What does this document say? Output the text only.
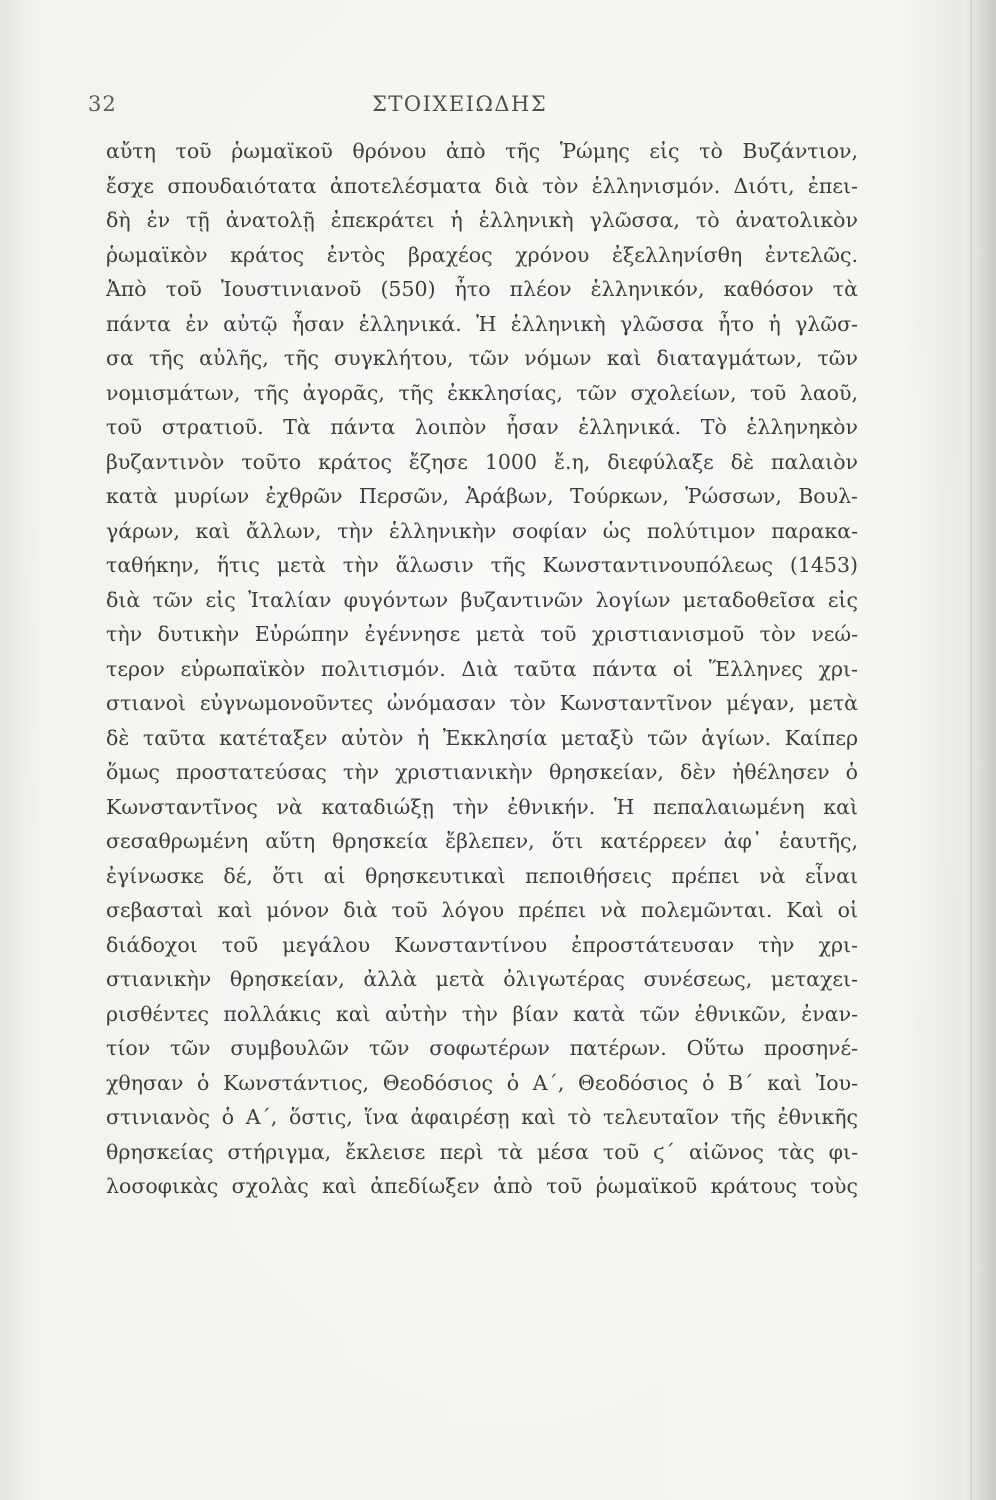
32	ΣΤΟΙΧΕΙΩΔΗΣ
αὔτη τοῦ ῥωμαϊκοῦ θρόνου ἀπὸ τῆς Ῥώμης εἰς τὸ Βυζάντιον,
ἔσχε σπουδαιότατα ἀποτελέσματα διὰ τὸν ἑλληνισμόν. Διότι, ἐπει-
δὴ ἐν τῇ ἀνατολῇ ἐπεκράτει ἡ ἑλληνικὴ γλῶσσα, τὸ ἀνατολικὸν
ῥωμαϊκὸν κράτος ἐντὸς βραχέος χρόνου ἐξελληνίσθη ἐντελῶς.
Ἀπὸ τοῦ Ἰουστινιανοῦ (550) ἦτο πλέον ἑλληνικόν, καθόσον τὰ
πάντα ἐν αὐτῷ ἦσαν ἑλληνικά. Ἡ ἑλληνικὴ γλῶσσα ἦτο ἡ γλῶσ-
σα τῆς αὐλῆς, τῆς συγκλήτου, τῶν νόμων καὶ διαταγμάτων, τῶν
νομισμάτων, τῆς ἀγορᾶς, τῆς ἐκκλησίας, τῶν σχολείων, τοῦ λαοῦ,
τοῦ στρατιοῦ. Τὰ πάντα λοιπὸν ἦσαν ἑλληνικά. Τὸ ἑλληνηκὸν
βυζαντινὸν τοῦτο κράτος ἔζησε 1000 ἔ.η, διεφύλαξε δὲ παλαιὸν
κατὰ μυρίων ἐχθρῶν Περσῶν, Ἀράβων, Τούρκων, Ῥώσσων, Βουλ-
γάρων, καὶ ἄλλων, τὴν ἑλληνικὴν σοφίαν ὡς πολύτιμον παρακα-
ταθήκην, ἥτις μετὰ τὴν ἅλωσιν τῆς Κωνσταντινουπόλεως (1453)
διὰ τῶν εἰς Ἰταλίαν φυγόντων βυζαντινῶν λογίων μεταδοθεῖσα εἰς
τὴν δυτικὴν Εὐρώπην ἐγέννησε μετὰ τοῦ χριστιανισμοῦ τὸν νεώ-
τερον εὐρωπαϊκὸν πολιτισμόν. Διὰ ταῦτα πάντα οἱ Ἕλληνες χρι-
στιανοὶ εὐγνωμονοῦντες ὠνόμασαν τὸν Κωνσταντῖνον μέγαν, μετὰ
δὲ ταῦτα κατέταξεν αὐτὸν ἡ Ἐκκλησία μεταξὺ τῶν ἁγίων. Καίπερ
ὅμως προστατεύσας τὴν χριστιανικὴν θρησκείαν, δὲν ἠθέλησεν ὁ
Κωνσταντῖνος νὰ καταδιώξῃ τὴν ἐθνικήν. Ἡ πεπαλαιωμένη καὶ
σεσαθρωμένη αὕτη θρησκεία ἔβλεπεν, ὅτι κατέρρεεν ἀφ᾽ ἑαυτῆς,
ἐγίνωσκε δέ, ὅτι αἱ θρησκευτικαὶ πεποιθήσεις πρέπει νὰ εἶναι
σεβασταὶ καὶ μόνον διὰ τοῦ λόγου πρέπει νὰ πολεμῶνται. Καὶ οἱ
διάδοχοι τοῦ μεγάλου Κωνσταντίνου ἐπροστάτευσαν τὴν χρι-
στιανικὴν θρησκείαν, ἀλλὰ μετὰ ὀλιγωτέρας συνέσεως, μεταχει-
ρισθέντες πολλάκις καὶ αὐτὴν τὴν βίαν κατὰ τῶν ἐθνικῶν, ἐναν-
τίον τῶν συμβουλῶν τῶν σοφωτέρων πατέρων. Οὕτω προσηνέ-
χθησαν ὁ Κωνστάντιος, Θεοδόσιος ὁ Α΄, Θεοδόσιος ὁ Β΄ καὶ Ἰου-
στινιανὸς ὁ Α΄, ὅστις, ἵνα ἀφαιρέσῃ καὶ τὸ τελευταῖον τῆς ἐθνικῆς
θρησκείας στήριγμα, ἔκλεισε περὶ τὰ μέσα τοῦ ϛ΄ αἰῶνος τὰς φι-
λοσοφικὰς σχολὰς καὶ ἀπεδίωξεν ἀπὸ τοῦ ῥωμαϊκοῦ κράτους τοὺς
